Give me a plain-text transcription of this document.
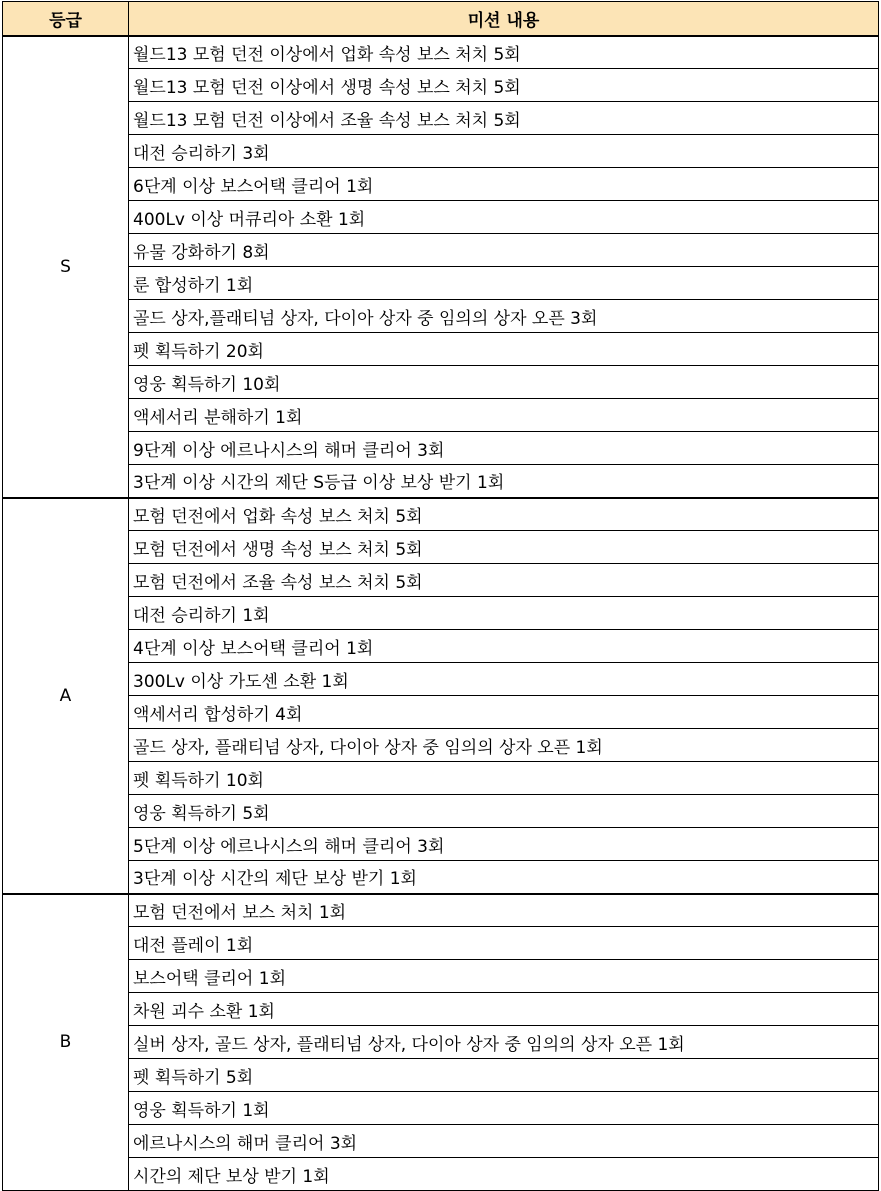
등급	미션 내용
S	월드13 모험 던전 이상에서 업화 속성 보스 처치 5회
	월드13 모험 던전 이상에서 생명 속성 보스 처치 5회
	월드13 모험 던전 이상에서 조율 속성 보스 처치 5회
	대전 승리하기 3회
	6단계 이상 보스어택 클리어 1회
	400Lv 이상 머큐리아 소환 1회
	유물 강화하기 8회
	룬 합성하기 1회
	골드 상자,플래티넘 상자, 다이아 상자 중 임의의 상자 오픈 3회
	펫 획득하기 20회
	영웅 획득하기 10회
	액세서리 분해하기 1회
	9단계 이상 에르나시스의 해머 클리어 3회
	3단계 이상 시간의 제단 S등급 이상 보상 받기 1회
A	모험 던전에서 업화 속성 보스 처치 5회
	모험 던전에서 생명 속성 보스 처치 5회
	모험 던전에서 조율 속성 보스 처치 5회
	대전 승리하기 1회
	4단계 이상 보스어택 클리어 1회
	300Lv 이상 가도센 소환 1회
	액세서리 합성하기 4회
	골드 상자, 플래티넘 상자, 다이아 상자 중 임의의 상자 오픈 1회
	펫 획득하기 10회
	영웅 획득하기 5회
	5단계 이상 에르나시스의 해머 클리어 3회
	3단계 이상 시간의 제단 보상 받기 1회
B	모험 던전에서 보스 처치 1회
	대전 플레이 1회
	보스어택 클리어 1회
	차원 괴수 소환 1회
	실버 상자, 골드 상자, 플래티넘 상자, 다이아 상자 중 임의의 상자 오픈 1회
	펫 획득하기 5회
	영웅 획득하기 1회
	에르나시스의 해머 클리어 3회
	시간의 제단 보상 받기 1회
